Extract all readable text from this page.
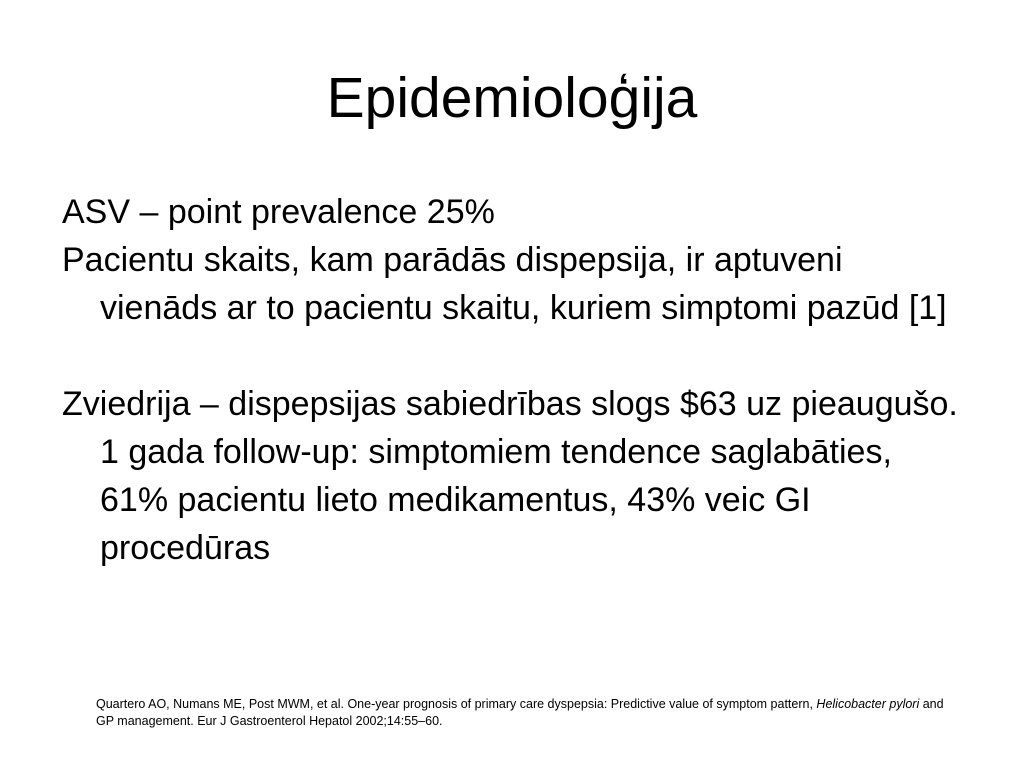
Epidemioloģija

ASV – point prevalence 25%

Pacientu skaits, kam parādās dispepsija, ir aptuveni vienāds ar to pacientu skaitu, kuriem simptomi pazūd [1]

Zviedrija – dispepsijas sabiedrības slogs $63 uz pieaugušo. 1 gada follow-up: simptomiem tendence saglabāties, 61% pacientu lieto medikamentus, 43% veic GI procedūras

Quartero AO, Numans ME, Post MWM, et al. One-year prognosis of primary care dyspepsia: Predictive value of symptom pattern, Helicobacter pylori and GP management. Eur J Gastroenterol Hepatol 2002;14:55–60.
